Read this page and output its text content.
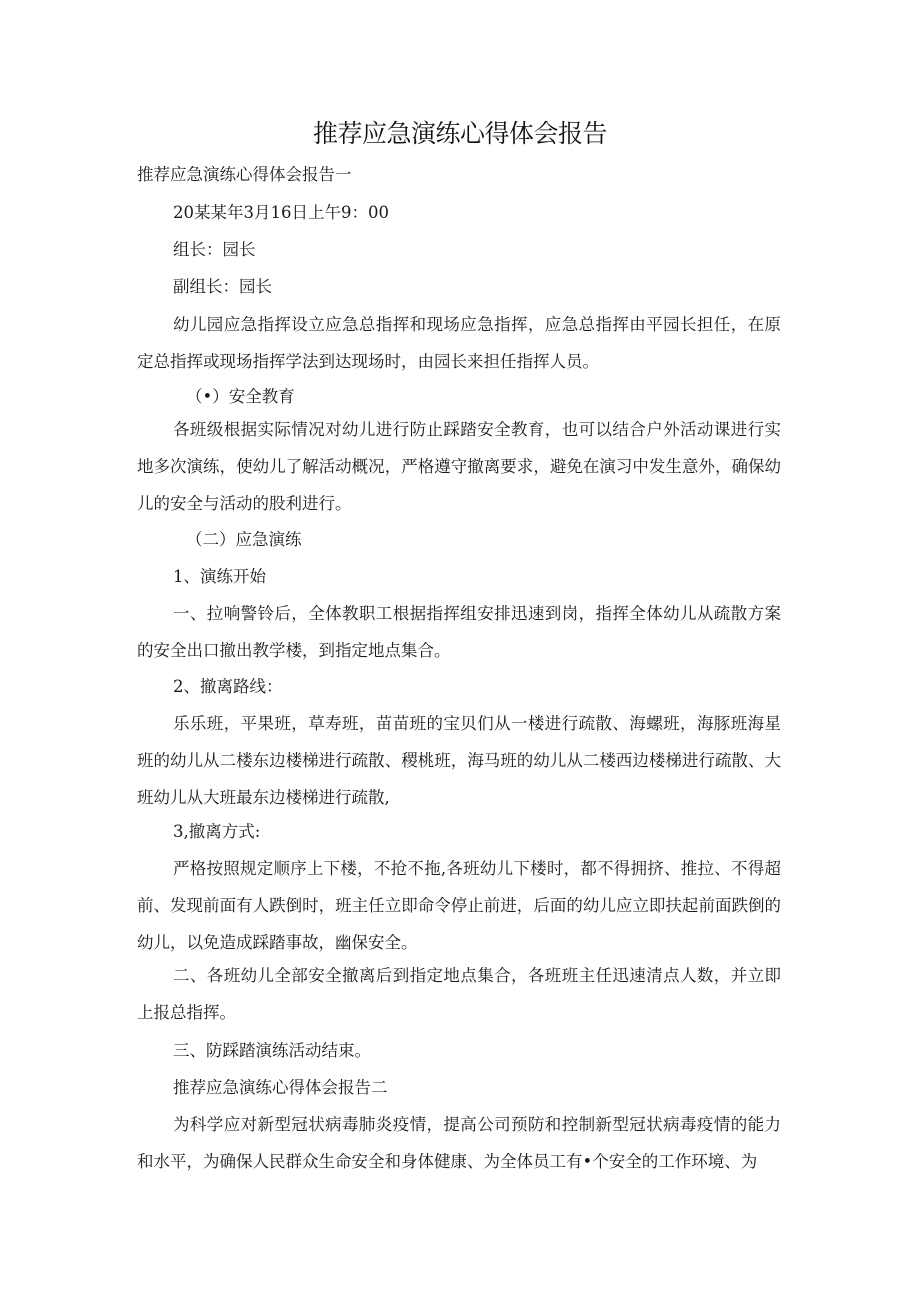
推荐应急演练心得体会报告
推荐应急演练心得体会报告一
20某某年3月16日上午9：00
组长：园长
副组长：园长
幼儿园应急指挥设立应急总指挥和现场应急指挥，应急总指挥由平园长担任，在原定总指挥或现场指挥学法到达现场时，由园长来担任指挥人员。
（•）安全教育
各班级根据实际情况对幼儿进行防止踩踏安全教育，也可以结合户外活动课进行实地多次演练，使幼儿了解活动概况，严格遵守撤离要求，避免在演习中发生意外，确保幼儿的安全与活动的股利进行。
（二）应急演练
1、演练开始
一、拉响警铃后，全体教职工根据指挥组安排迅速到岗，指挥全体幼儿从疏散方案的安全出口撤出教学楼，到指定地点集合。
2、撤离路线：
乐乐班，平果班，草寿班，苗苗班的宝贝们从一楼进行疏散、海螺班，海豚班海星班的幼儿从二楼东边楼梯进行疏散、稷桃班，海马班的幼儿从二楼西边楼梯进行疏散、大班幼儿从大班最东边楼梯进行疏散,
3,撤离方式:
严格按照规定顺序上下楼，不抢不拖,各班幼儿下楼时，都不得拥挤、推拉、不得超前、发现前面有人跌倒时，班主任立即命令停止前进，后面的幼儿应立即扶起前面跌倒的幼儿，以免造成踩踏事故，幽保安全。
二、各班幼儿全部安全撤离后到指定地点集合，各班班主任迅速清点人数，并立即上报总指挥。
三、防踩踏演练活动结束。
推荐应急演练心得体会报告二
为科学应对新型冠状病毒肺炎疫情，提高公司预防和控制新型冠状病毒疫情的能力和水平，为确保人民群众生命安全和身体健康、为全体员工有•个安全的工作环境、为
